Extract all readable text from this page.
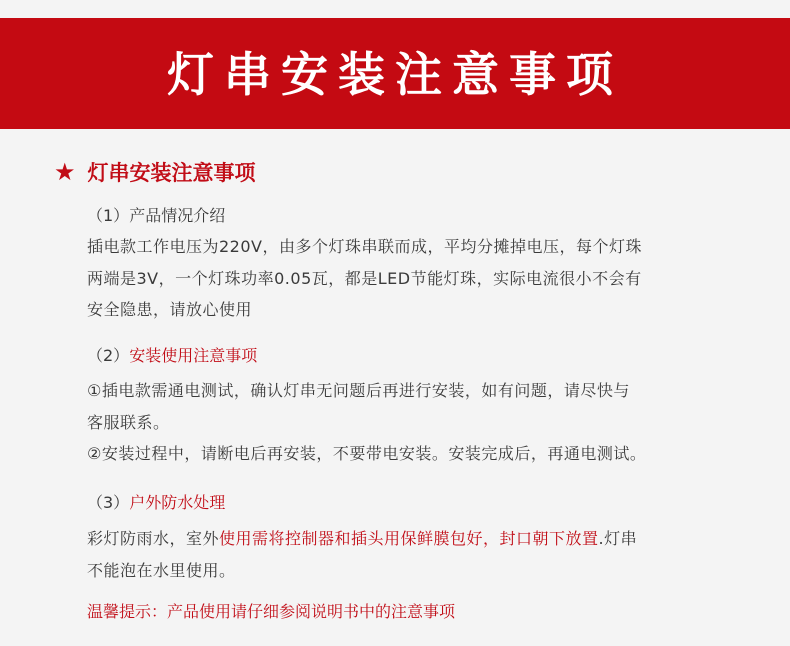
灯串安装注意事项
★ 灯串安装注意事项
（1）产品情况介绍
插电款工作电压为220V，由多个灯珠串联而成，平均分摊掉电压，每个灯珠
两端是3V，一个灯珠功率0.05瓦，都是LED节能灯珠，实际电流很小不会有
安全隐患，请放心使用
（2）安装使用注意事项
①插电款需通电测试，确认灯串无问题后再进行安装，如有问题，请尽快与
客服联系。
②安装过程中，请断电后再安装，不要带电安装。安装完成后，再通电测试。
（3）户外防水处理
彩灯防雨水，室外使用需将控制器和插头用保鲜膜包好，封口朝下放置.灯串
不能泡在水里使用。
温馨提示：产品使用请仔细参阅说明书中的注意事项
